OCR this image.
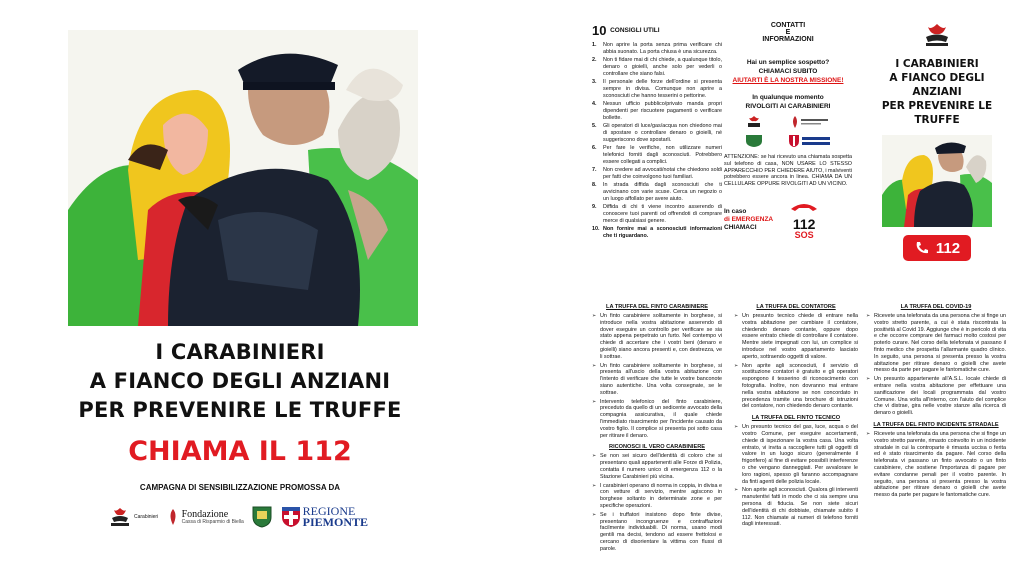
I CARABINIERI
A FIANCO DEGLI ANZIANI
PER PREVENIRE LE TRUFFE
CHIAMA IL 112
CAMPAGNA DI SENSIBILIZZAZIONE PROMOSSA DA
Carabinieri Fondazione
Cassa di Risparmio di Biella
REGIONE
PIEMONTE
10 CONSIGLI UTILI
1.	Non aprire la porta senza prima verificare chi abbia suonato. La porta chiusa è una sicurezza.
2.	Non ti fidare mai di chi chiede, a qualunque titolo, denaro o gioielli, anche solo per vederli o controllare che siano falsi.
3.	Il personale delle forze dell'ordine si presenta sempre in divisa. Comunque non aprire a sconosciuti che hanno tesserini o pettorine.
4.	Nessun ufficio pubblico/privato manda propri dipendenti per riscuotere pagamenti o verificare bollette.
5.	Gli operatori di luce/gas/acqua non chiedono mai di spostare o controllare denaro o gioielli, né suggeriscono dove spostarli.
6.	Per fare le verifiche, non utilizzare numeri telefonici forniti dagli sconosciuti. Potrebbero essere collegati a complici.
7.	Non credere ad avvocati/notai che chiedono soldi per fatti che coinvolgono tuoi familiari.
8.	In strada diffida dagli sconosciuti che ti avvicinano con varie scuse. Cerca un negozio o un luogo affollato per avere aiuto.
9.	Diffida di chi ti viene incontro asserendo di conoscere tuoi parenti od offrendoti di comprare merce di qualsiasi genere.
10. Non fornire mai a sconosciuti informazioni che ti riguardano.
CONTATTI
E
INFORMAZIONI
Hai un semplice sospetto?
CHIAMACI SUBITO
AIUTARTI È LA NOSTRA MISSIONE!
In qualunque momento
RIVOLGITI AI CARABINIERI
ATTENZIONE: se hai ricevuto una chiamata sospetta sul telefono di casa, NON USARE LO STESSO APPARECCHIO PER CHIEDERE AIUTO, i malviventi potrebbero essere ancora in linea. CHIAMA DA UN CELLULARE OPPURE RIVOLGITI AD UN VICINO.
In caso
di EMERGENZA
CHIAMACI	112
SOS
I CARABINIERI
A FIANCO DEGLI
ANZIANI
PER PREVENIRE LE
TRUFFE
112
LA TRUFFA DEL FINTO CARABINIERE
➢ Un finto carabiniere solitamente in borghese, si introduce nella vostra abitazione asserendo di dover eseguire un controllo per verificare se sia stato appena perpetrato un furto. Nel contempo vi chiede di accertare che i vostri beni (denaro e gioielli) siano ancora presenti e, con destrezza, ve li sottrae.
➢ Un finto carabiniere solitamente in borghese, si presenta all'uscio della vostra abitazione con l'intento di verificare che tutte le vostre banconote siano autentiche. Una volta consegnate, se le sottrae.
➢ Intervento telefonico del finto carabiniere, preceduto da quello di un sedicente avvocato della compagnia assicurativa, il quale chiede l'immediato risarcimento per l'incidente causato da vostro figlio. Il complice si presenta poi sotto casa per ritirare il denaro.
RICONOSCI IL VERO CARABINIERE
➢ Se non sei sicuro dell'identità di coloro che si presentano quali appartenenti alle Forze di Polizia, contatta il numero unico di emergenza 112 o la Stazione Carabinieri più vicina.
➢ I carabinieri operano di norma in coppia, in divisa e con vetture di servizio, mentre agiscono in borghese soltanto in determinate zone e per specifiche operazioni.
➢ Se i truffatori insistono dopo finte divise, presentano incongruenze e contraffazioni facilmente individuabili. Di norma, usano modi gentili ma decisi, tendono ad essere frettolosi e cercano di disorientare la vittima con flussi di parole.
LA TRUFFA DEL CONTATORE
➢ Un presunto tecnico chiede di entrare nella vostra abitazione per cambiare il contatore, chiedendo denaro contante, oppure dopo essere entrato chiede di controllare il contatore. Mentre siete impegnati con lui, un complice si introduce nel vostro appartamento lasciato aperto, sottraendo oggetti di valore.
➢ Non aprite agli sconosciuti, il servizio di sostituzione contatori è gratuito e gli operatori espongono il tesserino di riconoscimento con fotografia. Inoltre, non dovranno mai entrare nella vostra abitazione se non concordato in precedenza tramite una brochure di istruzioni del contatore, non chiedendo denaro contante.
LA TRUFFA DEL FINTO TECNICO
➢ Un presunto tecnico del gas, luce, acqua o del vostro Comune, per eseguire accertamenti, chiede di ispezionare la vostra casa. Una volta entrato, vi invita a raccogliere tutti gli oggetti di valore in un luogo sicuro (generalmente il frigorifero) al fine di evitare possibili interferenze o che vengano danneggiati. Per avvalorare le loro ragioni, spesso gli faranno accompagnare da finti agenti delle polizia locale.
➢ Non aprite agli sconosciuti. Qualora gli interventi manutentivi fatti in modo che ci sia sempre una persona di fiducia. Se non siete sicuri dell'identità di chi dobbiate, chiamate subito il 112. Non chiamate ai numeri di telefono forniti dagli interessati.
LA TRUFFA DEL COVID-19
➢ Ricevete una telefonata da una persona che si finge un vostro stretto parente, a cui è stata riscontrata la positività al Covid 19. Aggiunge che è in pericolo di vita e che occorre comprare dei farmaci molto costosi per poterlo curare. Nel corso della telefonata vi passano il finto medico che prospetta l'allarmante quadro clinico. In seguito, una persona si presenta presso la vostra abitazione per ritirare denaro o gioielli che avete messo da parte per pagare le fantomatiche cure.
➢ Un presunto appartenente all'A.S.L. locale chiede di entrare nella vostra abitazione per effettuare una sanificazione dei locali programmata dal vostro Comune. Una volta all'interno, con l'aiuto del complice che vi distrae, gira nelle vostre stanze alla ricerca di denaro o gioielli.
LA TRUFFA DEL FINTO INCIDENTE STRADALE
➢ Ricevete una telefonata da una persona che si finge un vostro stretto parente, rimasto coinvolto in un incidente stradale in cui la controparte è rimasta uccisa o ferita ed è stato risarcimento da pagare. Nel corso della telefonata vi passano un finto avvocato o un finto carabiniere, che sostiene l'importanza di pagare per evitare condanne penali per il vostro parente. In seguito, una persona si presenta presso la vostra abitazione per ritirare denaro o gioielli che avete messo da parte per pagare le fantomatiche cure.
